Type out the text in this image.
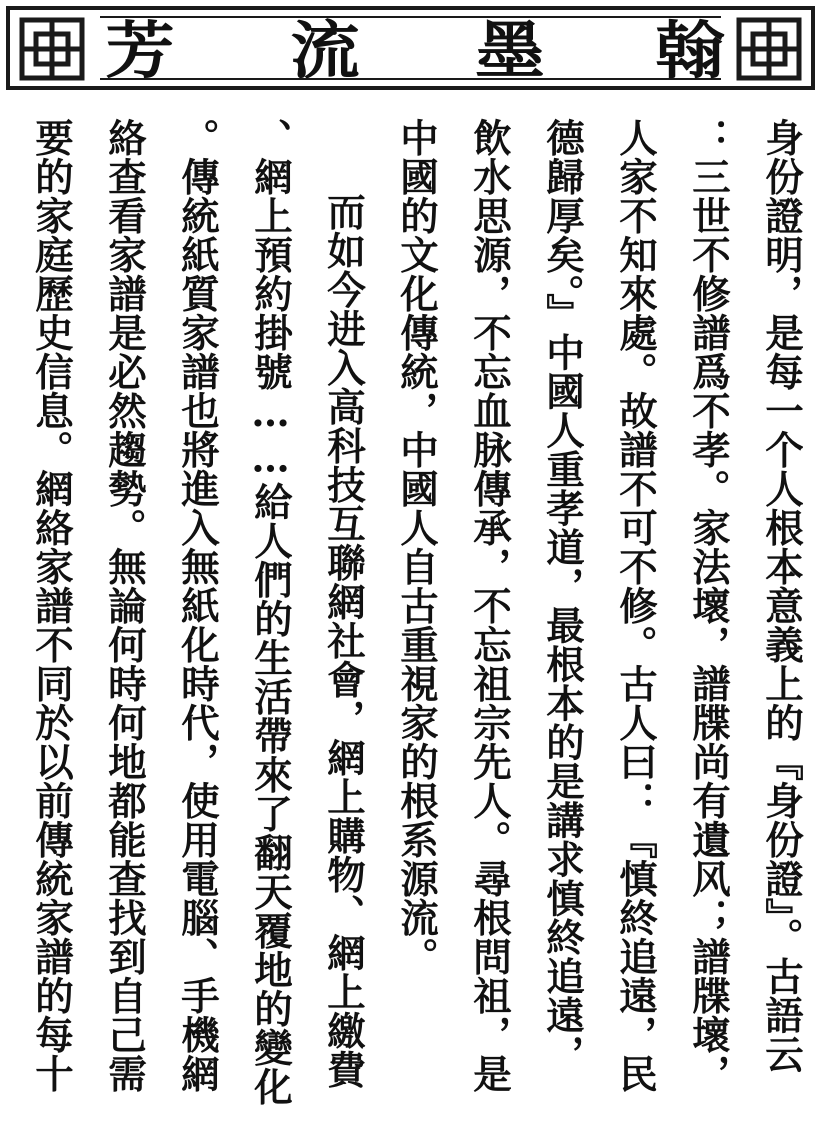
翰
墨
流
芳
身份證明，是每一个人根本意義上的『身份證』。古語云
：三世不修譜爲不孝。家法壞，譜牒尚有遺风；譜牒壞，
人家不知來處。故譜不可不修。古人曰：『慎終追遠，民
德歸厚矣。』中國人重孝道，最根本的是講求慎終追遠，
飲水思源，不忘血脉傳承，不忘祖宗先人。尋根問祖，是
中國的文化傳統，中國人自古重視家的根系源流。
而如今进入高科技互聯網社會，網上購物、網上繳費
、網上預約掛號……給人們的生活帶來了翻天覆地的變化
。傳統紙質家譜也將進入無紙化時代，使用電腦、手機網
絡查看家譜是必然趨勢。無論何時何地都能查找到自己需
要的家庭歷史信息。網絡家譜不同於以前傳統家譜的每十
